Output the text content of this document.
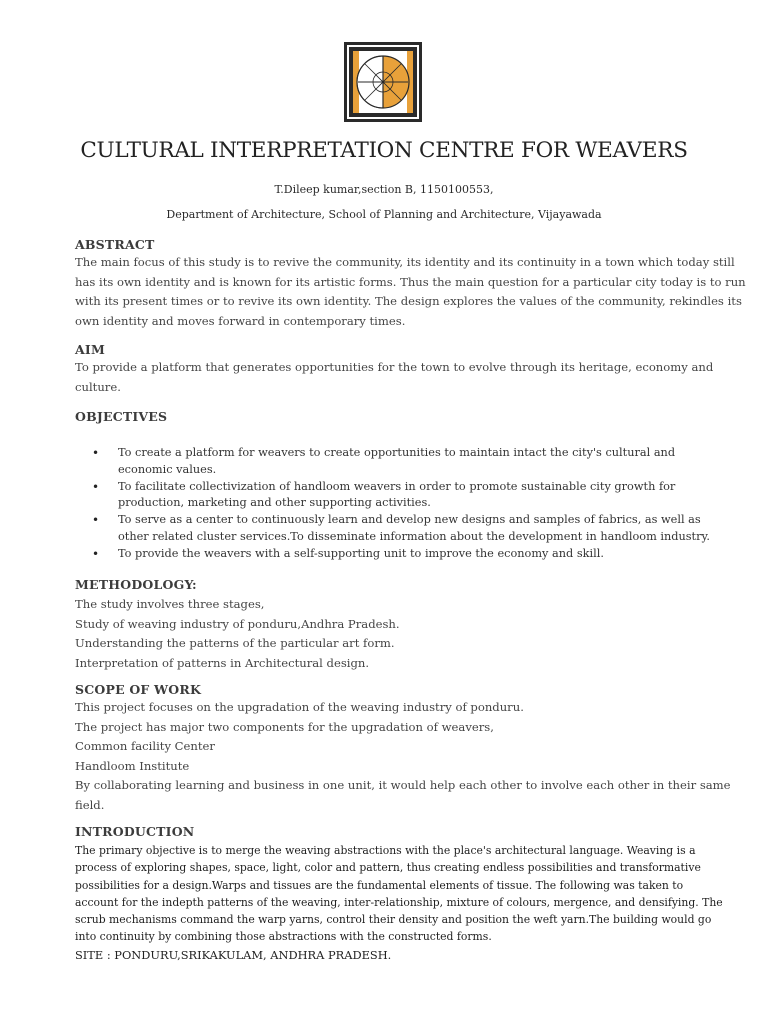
CULTURAL INTERPRETATION CENTRE FOR WEAVERS
T.Dileep kumar,section B, 1150100553,
Department of Architecture, School of Planning and Architecture, Vijayawada
ABSTRACT
The main focus of this study is to revive the community, its identity and its continuity in a town which today still
has its own identity and is known for its artistic forms. Thus the main question for a particular city today is to run
with its present times or to revive its own identity. The design explores the values of the community, rekindles its
own identity and moves forward in contemporary times.
AIM
To provide a platform that generates opportunities for the town to evolve through its heritage, economy and
culture.
OBJECTIVES
• To create a platform for weavers to create opportunities to maintain intact the city's cultural and
economic values.
• To facilitate collectivization of handloom weavers in order to promote sustainable city growth for
production, marketing and other supporting activities.
• To serve as a center to continuously learn and develop new designs and samples of fabrics, as well as
other related cluster services.To disseminate information about the development in handloom industry.
• To provide the weavers with a self-supporting unit to improve the economy and skill.
METHODOLOGY:
The study involves three stages,
Study of weaving industry of ponduru,Andhra Pradesh.
Understanding the patterns of the particular art form.
Interpretation of patterns in Architectural design.
SCOPE OF WORK
This project focuses on the upgradation of the weaving industry of ponduru.
The project has major two components for the upgradation of weavers,
Common facility Center
Handloom Institute
By collaborating learning and business in one unit, it would help each other to involve each other in their same
field.
INTRODUCTION
The primary objective is to merge the weaving abstractions with the place's architectural language. Weaving is a
process of exploring shapes, space, light, color and pattern, thus creating endless possibilities and transformative
possibilities for a design.Warps and tissues are the fundamental elements of tissue. The following was taken to
account for the indepth patterns of the weaving, inter-relationship, mixture of colours, mergence, and densifying. The
scrub mechanisms command the warp yarns, control their density and position the weft yarn.The building would go
into continuity by combining those abstractions with the constructed forms.
SITE : PONDURU,SRIKAKULAM, ANDHRA PRADESH.
